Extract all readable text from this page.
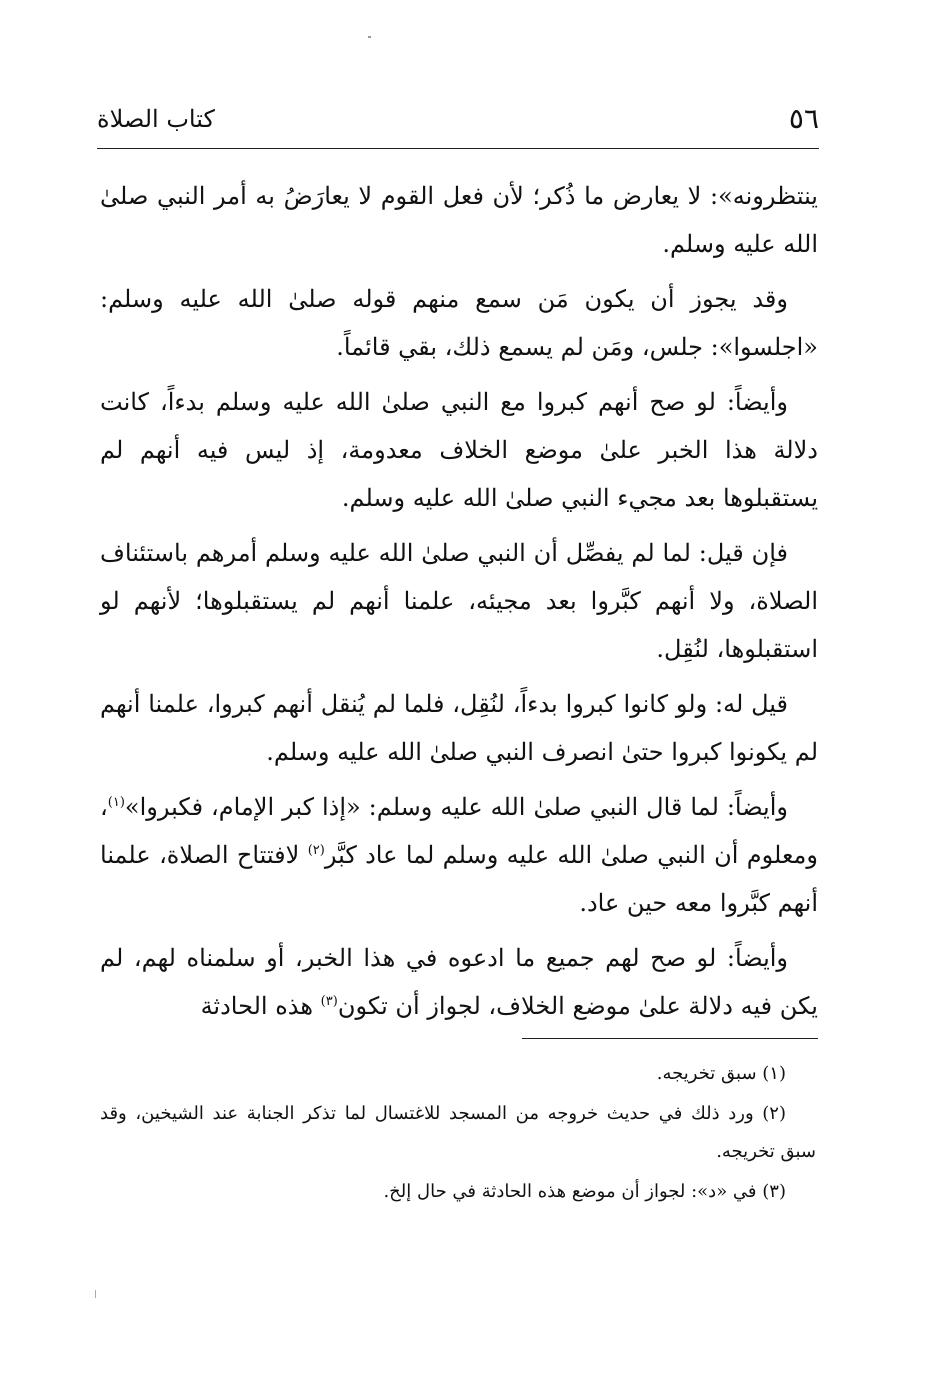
٥٦
كتاب الصلاة

ينتظرونه»: لا يعارض ما ذُكر؛ لأن فعل القوم لا يعارَضُ به أمر النبي صلىٰ الله عليه وسلم.

وقد يجوز أن يكون مَن سمع منهم قوله صلىٰ الله عليه وسلم: «اجلسوا»: جلس، ومَن لم يسمع ذلك، بقي قائماً.

وأيضاً: لو صح أنهم كبروا مع النبي صلىٰ الله عليه وسلم بدءاً، كانت دلالة هذا الخبر علىٰ موضع الخلاف معدومة، إذ ليس فيه أنهم لم يستقبلوها بعد مجيء النبي صلىٰ الله عليه وسلم.

فإن قيل: لما لم يفصِّل أن النبي صلىٰ الله عليه وسلم أمرهم باستئناف الصلاة، ولا أنهم كبَّروا بعد مجيئه، علمنا أنهم لم يستقبلوها؛ لأنهم لو استقبلوها، لنُقِل.

قيل له: ولو كانوا كبروا بدءاً، لنُقِل، فلما لم يُنقل أنهم كبروا، علمنا أنهم لم يكونوا كبروا حتىٰ انصرف النبي صلىٰ الله عليه وسلم.

وأيضاً: لما قال النبي صلىٰ الله عليه وسلم: «إذا كبر الإمام، فكبروا»$^{(١)}$، ومعلوم أن النبي صلىٰ الله عليه وسلم لما عاد كبَّر$^{(٢)}$ لافتتاح الصلاة، علمنا أنهم كبَّروا معه حين عاد.

وأيضاً: لو صح لهم جميع ما ادعوه في هذا الخبر، أو سلمناه لهم، لم يكن فيه دلالة علىٰ موضع الخلاف، لجواز أن تكون$^{(٣)}$ هذه الحادثة

(١) سبق تخريجه.

(٢) ورد ذلك في حديث خروجه من المسجد للاغتسال لما تذكر الجنابة عند الشيخين، وقد سبق تخريجه.

(٣) في «د»: لجواز أن موضع هذه الحادثة في حال إلخ.
